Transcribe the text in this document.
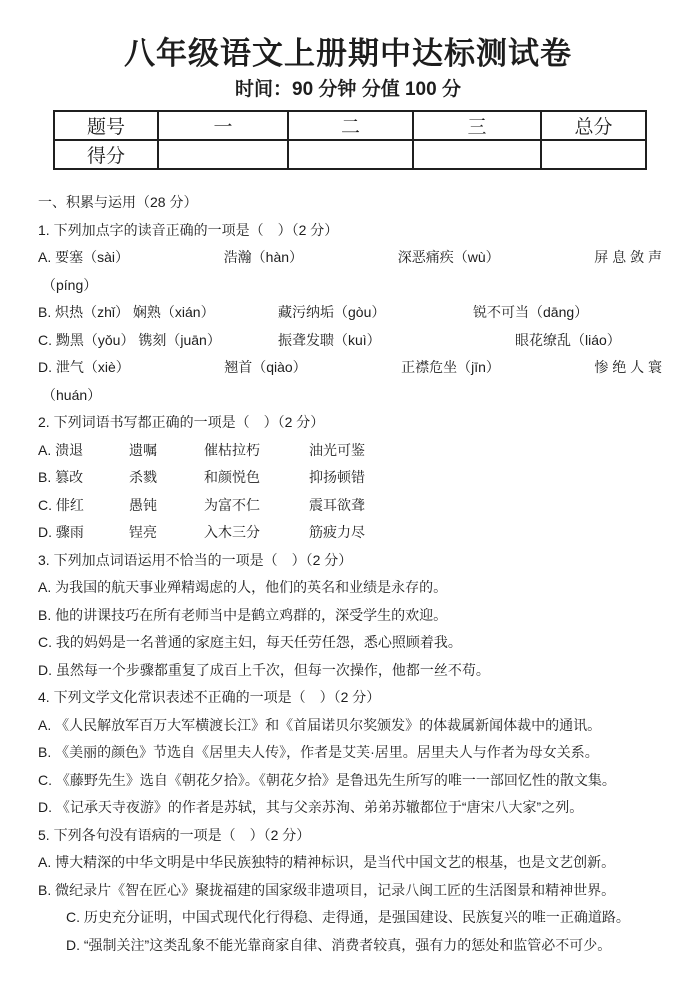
八年级语文上册期中达标测试卷
时间：90 分钟 分值 100 分
题号	一	二	三	总分
得分				
一、积累与运用（28 分）
1. 下列加点字的读音正确的一项是（　）（2 分）
A. 要塞（sài）	浩瀚（hàn）	深恶痛疾（wù）	屏 息 敛 声
（píng）
B. 炽热（zhǐ） 娴熟（xián）	藏污纳垢（gòu）	锐不可当（dāng）
C. 黝黑（yǒu） 镌刻（juān）	振聋发聩（kuì）	眼花缭乱（liáo）
D. 泄气（xiè）	翘首（qiào）	正襟危坐（jīn）	惨 绝 人 寰
（huán）
2. 下列词语书写都正确的一项是（　）（2 分）
A. 溃退	遗嘱	催枯拉朽	油光可鉴
B. 篡改	杀戮	和颜悦色	抑扬顿错
C. 俳红	愚钝	为富不仁	震耳欲聋
D. 骤雨	锃亮	入木三分	筋疲力尽
3. 下列加点词语运用不恰当的一项是（　）（2 分）
A. 为我国的航天事业殚精竭虑的人，他们的英名和业绩是永存的。
B. 他的讲课技巧在所有老师当中是鹤立鸡群的，深受学生的欢迎。
C. 我的妈妈是一名普通的家庭主妇，每天任劳任怨，悉心照顾着我。
D. 虽然每一个步骤都重复了成百上千次，但每一次操作，他都一丝不苟。
4. 下列文学文化常识表述不正确的一项是（　）（2 分）
A. 《人民解放军百万大军横渡长江》和《首届诺贝尔奖颁发》的体裁属新闻体裁中的通讯。
B. 《美丽的颜色》节选自《居里夫人传》，作者是艾芙·居里。居里夫人与作者为母女关系。
C. 《藤野先生》选自《朝花夕拾》。《朝花夕拾》是鲁迅先生所写的唯一一部回忆性的散文集。
D. 《记承天寺夜游》的作者是苏轼，其与父亲苏洵、弟弟苏辙都位于“唐宋八大家”之列。
5. 下列各句没有语病的一项是（　）（2 分）
A. 博大精深的中华文明是中华民族独特的精神标识，是当代中国文艺的根基，也是文艺创新。
B. 微纪录片《智在匠心》聚拢福建的国家级非遗项目，记录八闽工匠的生活图景和精神世界。
C. 历史充分证明，中国式现代化行得稳、走得通，是强国建设、民族复兴的唯一正确道路。
D. “强制关注”这类乱象不能光靠商家自律、消费者较真，强有力的惩处和监管必不可少。
